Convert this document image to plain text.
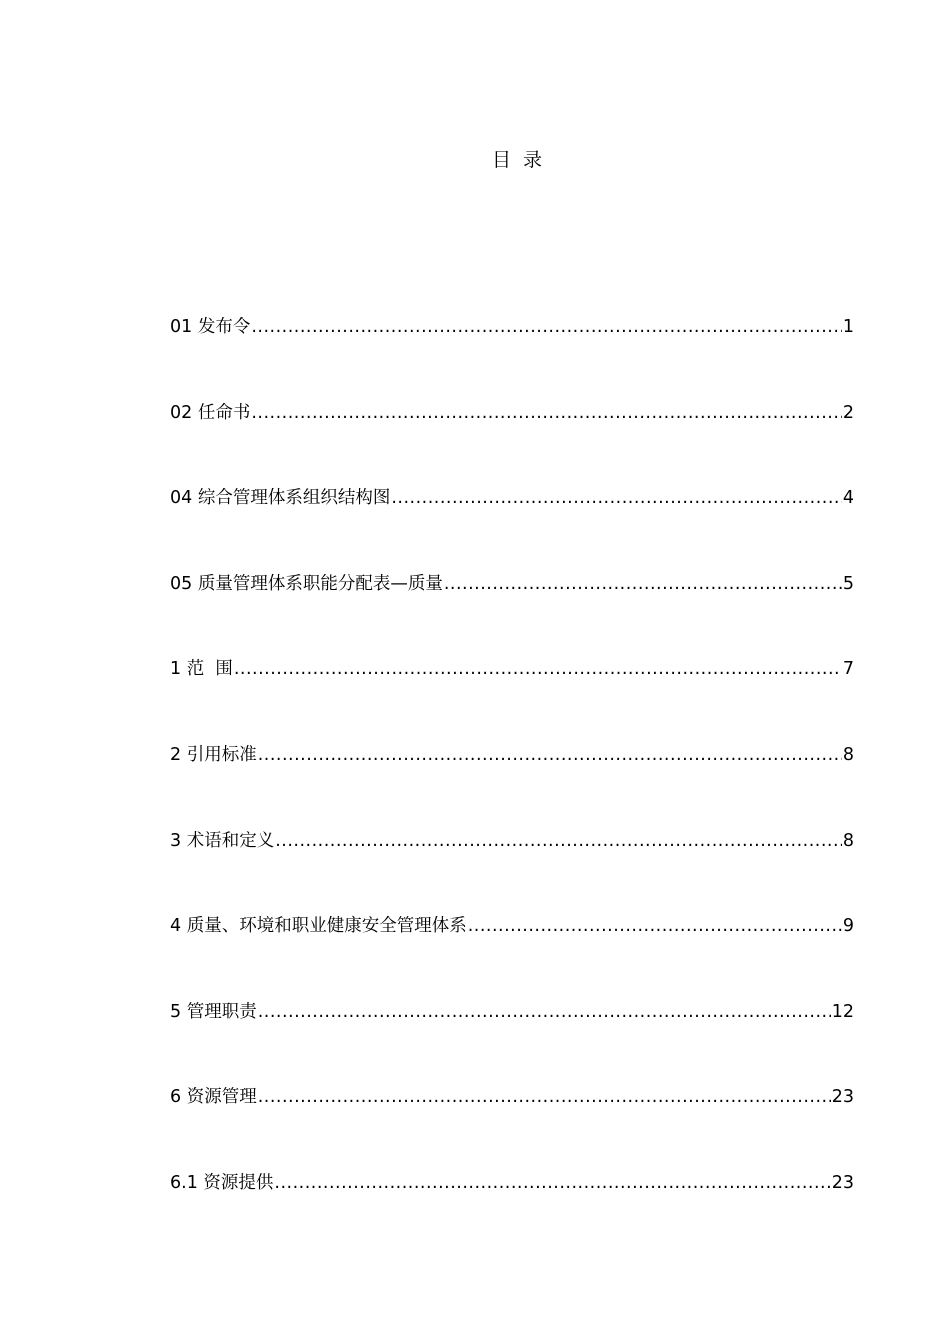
目  录
01 发布令 .....	1
02 任命书 .....	2
04 综合管理体系组织结构图 .....	4
05 质量管理体系职能分配表—质量 .....	5
1 范  围 .....	7
2 引用标准 .....	8
3 术语和定义 .....	8
4 质量、环境和职业健康安全管理体系 .....	9
5 管理职责 .....	12
6 资源管理 .....	23
6.1 资源提供 .....	23
